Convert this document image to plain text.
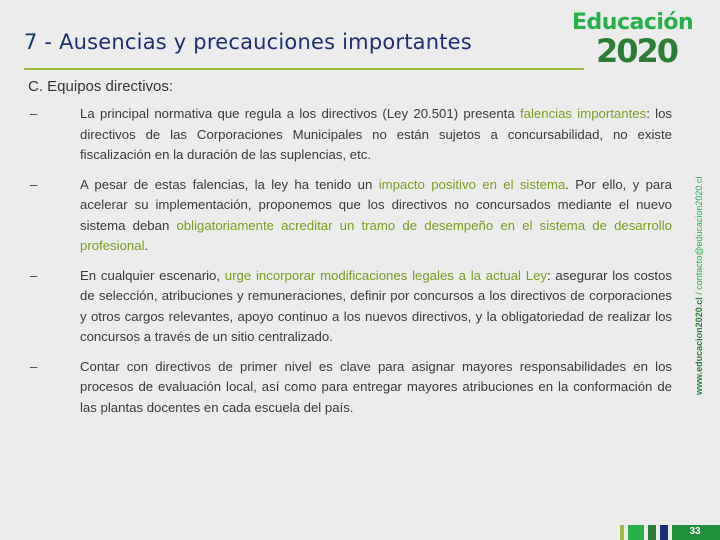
7 - Ausencias y precauciones importantes
Educación
2020
www.educacion2020.cl / contacto@educacion2020.cl
C. Equipos directivos:
–	La principal normativa que regula a los directivos (Ley 20.501) presenta falencias importantes: los directivos de las Corporaciones Municipales no están sujetos a concursabilidad, no existe fiscalización en la duración de las suplencias, etc.
–	A pesar de estas falencias, la ley ha tenido un impacto positivo en el sistema. Por ello, y para acelerar su implementación, proponemos que los directivos no concursados mediante el nuevo sistema deban obligatoriamente acreditar un tramo de desempeño en el sistema de desarrollo profesional.
–	En cualquier escenario, urge incorporar modificaciones legales a la actual Ley: asegurar los costos de selección, atribuciones y remuneraciones, definir por concursos a los directivos de corporaciones y otros cargos relevantes, apoyo continuo a los nuevos directivos, y la obligatoriedad de realizar los concursos a través de un sitio centralizado.
–	Contar con directivos de primer nivel es clave para asignar mayores responsabilidades en los procesos de evaluación local, así como para entregar mayores atribuciones en la conformación de las plantas docentes en cada escuela del país.
33
